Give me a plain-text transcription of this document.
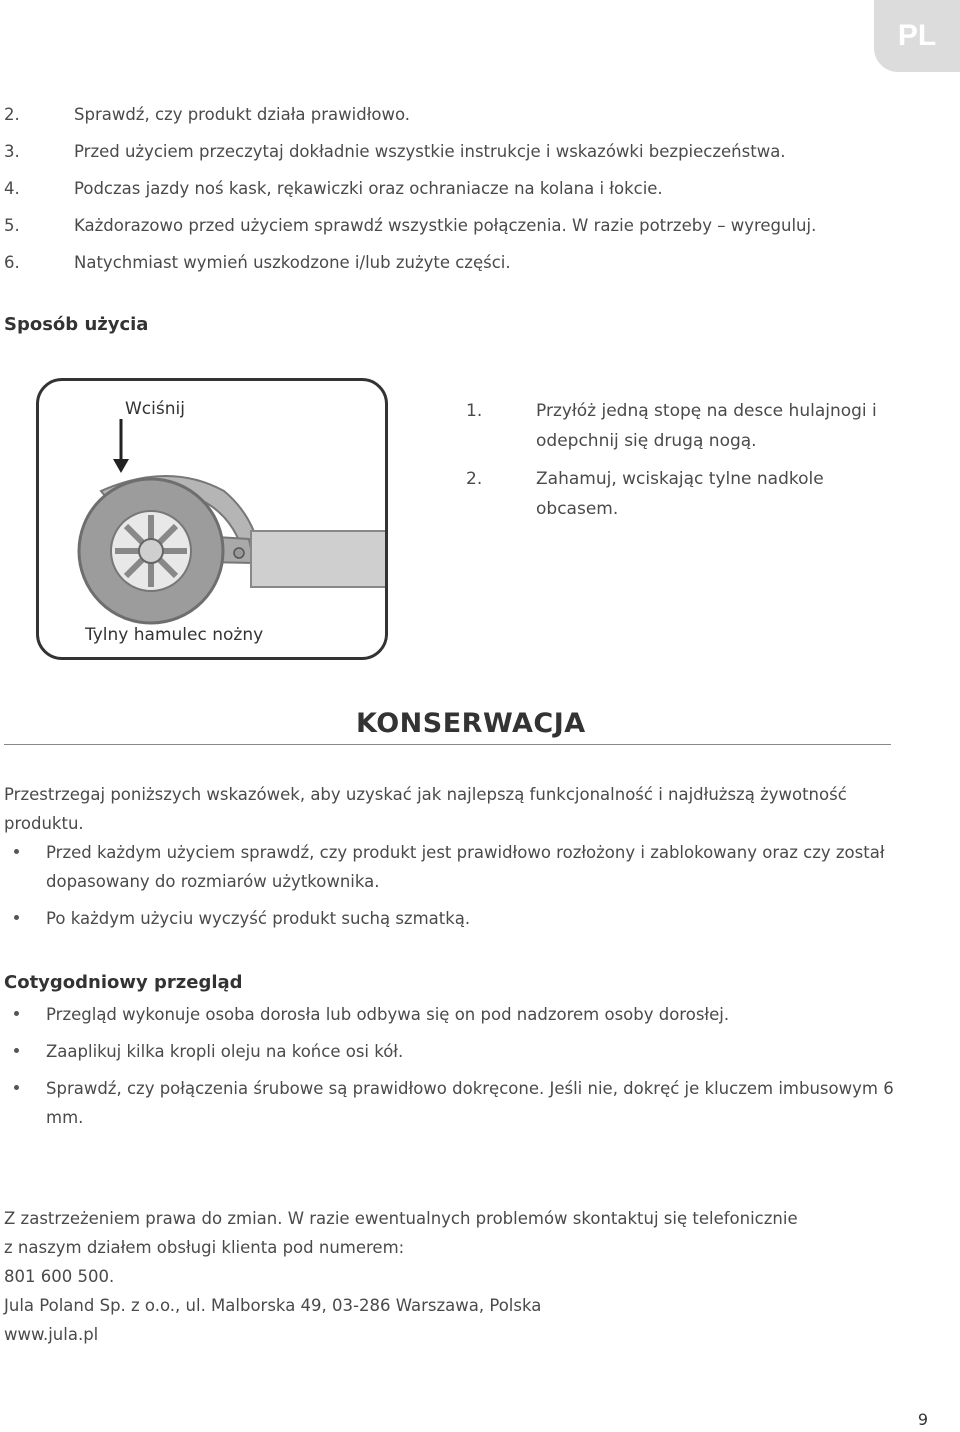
PL
2.	Sprawdź, czy produkt działa prawidłowo.
3.	Przed użyciem przeczytaj dokładnie wszystkie instrukcje i wskazówki bezpieczeństwa.
4.	Podczas jazdy noś kask, rękawiczki oraz ochraniacze na kolana i łokcie.
5.	Każdorazowo przed użyciem sprawdź wszystkie połączenia. W razie potrzeby – wyreguluj.
6.	Natychmiast wymień uszkodzone i/lub zużyte części.
Sposób użycia
Wciśnij
Tylny hamulec nożny
1.	Przyłóż jedną stopę na desce hulajnogi i odepchnij się drugą nogą.
2.	Zahamuj, wciskając tylne nadkole obcasem.
KONSERWACJA
Przestrzegaj poniższych wskazówek, aby uzyskać jak najlepszą funkcjonalność i najdłuższą żywotność produktu.
Przed każdym użyciem sprawdź, czy produkt jest prawidłowo rozłożony i zablokowany oraz czy został dopasowany do rozmiarów użytkownika.
Po każdym użyciu wyczyść produkt suchą szmatką.
Cotygodniowy przegląd
Przegląd wykonuje osoba dorosła lub odbywa się on pod nadzorem osoby dorosłej.
Zaaplikuj kilka kropli oleju na końce osi kół.
Sprawdź, czy połączenia śrubowe są prawidłowo dokręcone. Jeśli nie, dokręć je kluczem imbusowym 6 mm.
Z zastrzeżeniem prawa do zmian. W razie ewentualnych problemów skontaktuj się telefonicznie
z naszym działem obsługi klienta pod numerem:
801 600 500.
Jula Poland Sp. z o.o., ul. Malborska 49, 03-286 Warszawa, Polska
www.jula.pl
9
